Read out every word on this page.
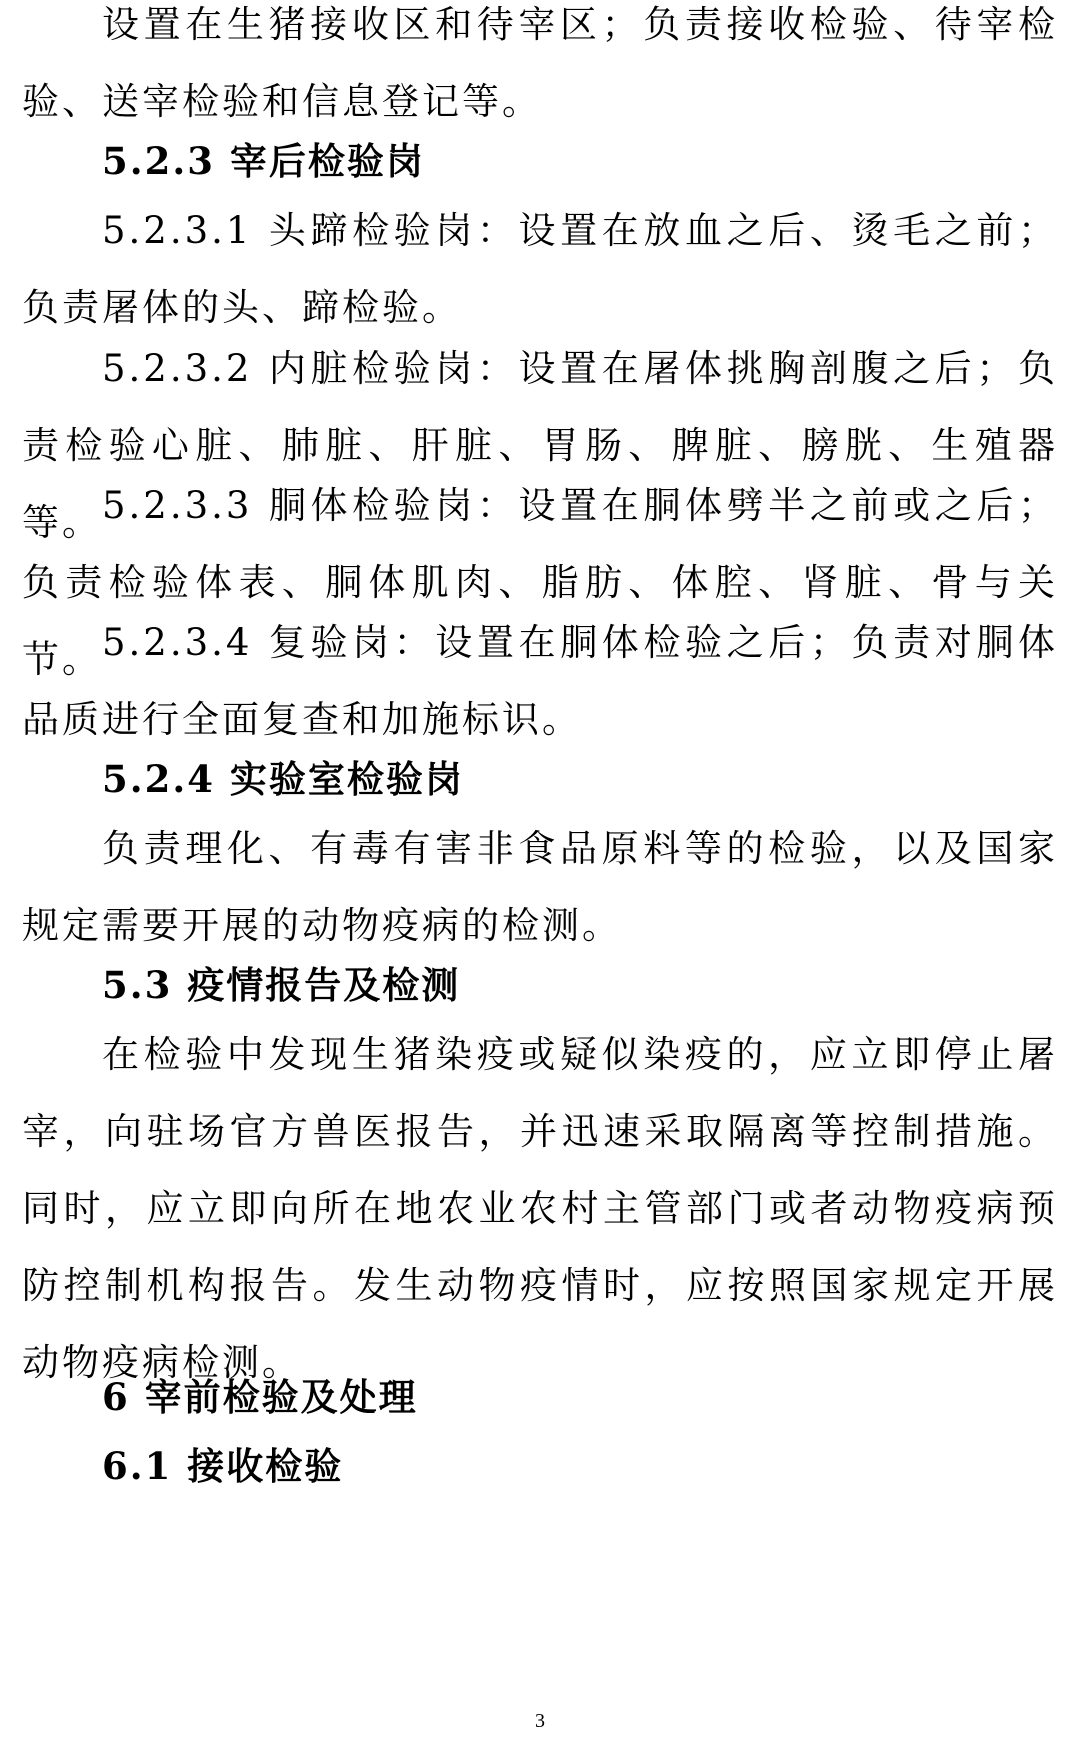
设置在生猪接收区和待宰区；负责接收检验、待宰检验、送宰检验和信息登记等。
5.2.3 宰后检验岗
5.2.3.1 头蹄检验岗：设置在放血之后、烫毛之前；负责屠体的头、蹄检验。
5.2.3.2 内脏检验岗：设置在屠体挑胸剖腹之后；负责检验心脏、肺脏、肝脏、胃肠、脾脏、膀胱、生殖器等。 5.2.3.3 胴体检验岗：设置在胴体劈半之前或之后；负责检验体表、胴体肌肉、脂肪、体腔、肾脏、骨与关节。 5.2.3.4 复验岗：设置在胴体检验之后；负责对胴体品质进行全面复查和加施标识。
5.2.4 实验室检验岗
负责理化、有毒有害非食品原料等的检验，以及国家规定需要开展的动物疫病的检测。
5.3 疫情报告及检测
在检验中发现生猪染疫或疑似染疫的，应立即停止屠宰，向驻场官方兽医报告，并迅速采取隔离等控制措施。同时，应立即向所在地农业农村主管部门或者动物疫病预防控制机构报告。发生动物疫情时，应按照国家规定开展动物疫病检测。
6 宰前检验及处理
6.1 接收检验
3
